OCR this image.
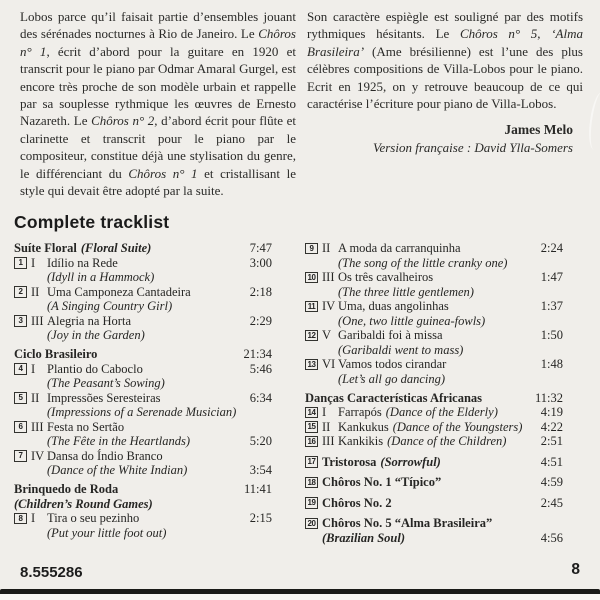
Lobos parce qu’il faisait partie d’ensembles jouant des sérénades nocturnes à Rio de Janeiro. Le Chôros n° 1, écrit d’abord pour la guitare en 1920 et transcrit pour le piano par Odmar Amaral Gurgel, est encore très proche de son modèle urbain et rappelle par sa souplesse rythmique les œuvres de Ernesto Nazareth. Le Chôros n° 2, d’abord écrit pour flûte et clarinette et transcrit pour le piano par le compositeur, constitue déjà une stylisation du genre, le différenciant du Chôros n° 1 et cristallisant le style qui devait être adopté par la suite.
Son caractère espiègle est souligné par des motifs rythmiques hésitants. Le Chôros n° 5, ‘Alma Brasileira’ (Ame brésilienne) est l’une des plus célèbres compositions de Villa-Lobos pour le piano. Ecrit en 1925, on y retrouve beaucoup de ce qui caractérise l’écriture pour piano de Villa-Lobos.
James Melo
Version française : David Ylla-Somers
Complete tracklist
Suíte Floral (Floral Suite)	7:47
1 I Idílio na Rede	3:00
(Idyll in a Hammock)
2 II Uma Camponeza Cantadeira	2:18
(A Singing Country Girl)
3 III Alegria na Horta	2:29
(Joy in the Garden)
Ciclo Brasileiro	21:34
4 I Plantio do Caboclo	5:46
(The Peasant’s Sowing)
5 II Impressões Seresteiras	6:34
(Impressions of a Serenade Musician)
6 III Festa no Sertão
(The Fête in the Heartlands)	5:20
7 IV Dansa do Índio Branco
(Dance of the White Indian)	3:54
Brinquedo de Roda	11:41
(Children’s Round Games)
8 I Tira o seu pezinho	2:15
(Put your little foot out)
9 II A moda da carranquinha	2:24
(The song of the little cranky one)
10 III Os três cavalheiros	1:47
(The three little gentlemen)
11 IV Uma, duas angolinhas	1:37
(One, two little guinea-fowls)
12 V Garibaldi foi à missa	1:50
(Garibaldi went to mass)
13 VI Vamos todos cirandar	1:48
(Let’s all go dancing)
Danças Características Africanas	11:32
14 I Farrapós (Dance of the Elderly)	4:19
15 II Kankukus (Dance of the Youngsters) 4:22
16 III Kankikis (Dance of the Children)	2:51
17 Tristorosa (Sorrowful)	4:51
18 Chôros No. 1 “Típico”	4:59
19 Chôros No. 2	2:45
20 Chôros No. 5 “Alma Brasileira”
(Brazilian Soul)	4:56
8.555286	8
